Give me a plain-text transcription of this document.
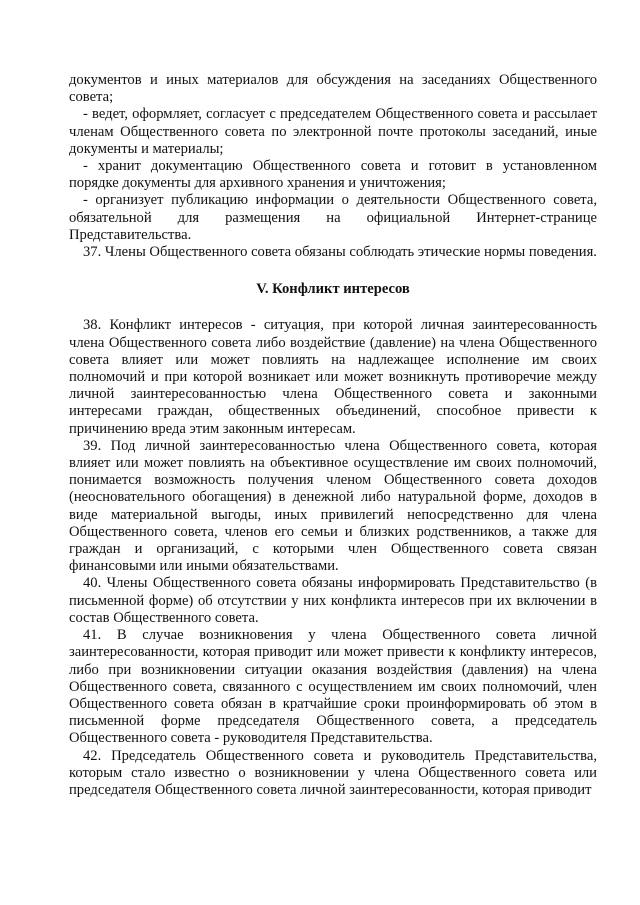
документов и иных материалов для обсуждения на заседаниях Общественного совета;

- ведет, оформляет, согласует с председателем Общественного совета и рассылает членам Общественного совета по электронной почте протоколы заседаний, иные документы и материалы;

- хранит документацию Общественного совета и готовит в установленном порядке документы для архивного хранения и уничтожения;

- организует публикацию информации о деятельности Общественного совета, обязательной для размещения на официальной Интернет-странице Представительства.

37. Члены Общественного совета обязаны соблюдать этические нормы поведения.

V. Конфликт интересов

38. Конфликт интересов - ситуация, при которой личная заинтересованность члена Общественного совета либо воздействие (давление) на члена Общественного совета влияет или может повлиять на надлежащее исполнение им своих полномочий и при которой возникает или может возникнуть противоречие между личной заинтересованностью члена Общественного совета и законными интересами граждан, общественных объединений, способное привести к причинению вреда этим законным интересам.

39. Под личной заинтересованностью члена Общественного совета, которая влияет или может повлиять на объективное осуществление им своих полномочий, понимается возможность получения членом Общественного совета доходов (неосновательного обогащения) в денежной либо натуральной форме, доходов в виде материальной выгоды, иных привилегий непосредственно для члена Общественного совета, членов его семьи и близких родственников, а также для граждан и организаций, с которыми член Общественного совета связан финансовыми или иными обязательствами.

40. Члены Общественного совета обязаны информировать Представительство (в письменной форме) об отсутствии у них конфликта интересов при их включении в состав Общественного совета.

41. В случае возникновения у члена Общественного совета личной заинтересованности, которая приводит или может привести к конфликту интересов, либо при возникновении ситуации оказания воздействия (давления) на члена Общественного совета, связанного с осуществлением им своих полномочий, член Общественного совета обязан в кратчайшие сроки проинформировать об этом в письменной форме председателя Общественного совета, а председатель Общественного совета - руководителя Представительства.

42. Председатель Общественного совета и руководитель Представительства, которым стало известно о возникновении у члена Общественного совета или председателя Общественного совета личной заинтересованности, которая приводит
